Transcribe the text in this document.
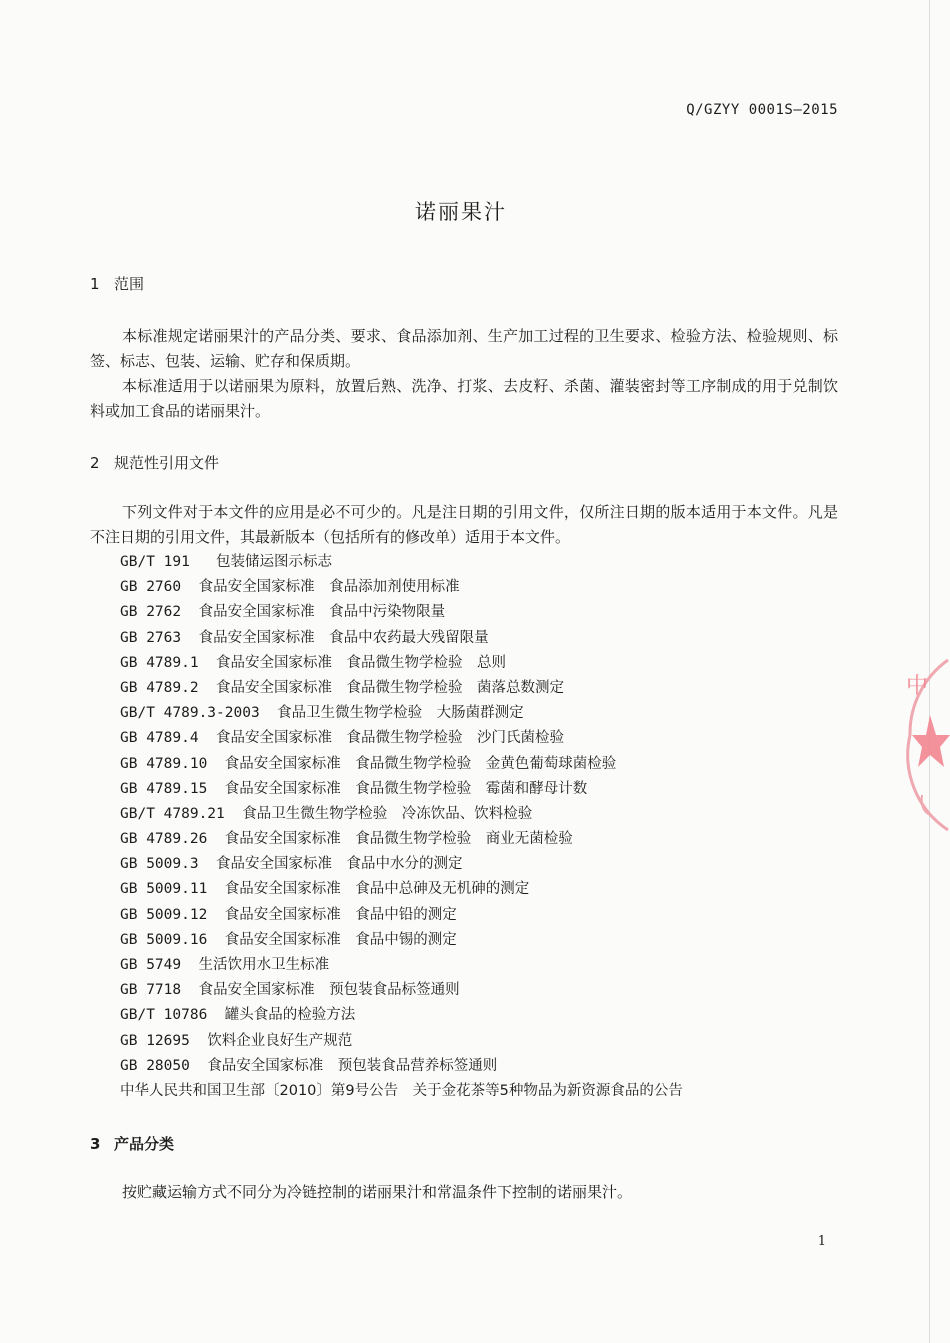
Q/GZYY 0001S—2015
诺丽果汁
1 范围
本标准规定诺丽果汁的产品分类、要求、食品添加剂、生产加工过程的卫生要求、检验方法、检验规则、标签、标志、包装、运输、贮存和保质期。
本标准适用于以诺丽果为原料，放置后熟、洗净、打浆、去皮籽、杀菌、灌装密封等工序制成的用于兑制饮料或加工食品的诺丽果汁。
2 规范性引用文件
下列文件对于本文件的应用是必不可少的。凡是注日期的引用文件，仅所注日期的版本适用于本文件。凡是不注日期的引用文件，其最新版本（包括所有的修改单）适用于本文件。
GB/T 191 包装储运图示标志
GB 2760 食品安全国家标准　食品添加剂使用标准
GB 2762 食品安全国家标准　食品中污染物限量
GB 2763 食品安全国家标准　食品中农药最大残留限量
GB 4789.1 食品安全国家标准　食品微生物学检验　总则
GB 4789.2 食品安全国家标准　食品微生物学检验　菌落总数测定
GB/T 4789.3-2003 食品卫生微生物学检验　大肠菌群测定
GB 4789.4 食品安全国家标准　食品微生物学检验　沙门氏菌检验
GB 4789.10 食品安全国家标准　食品微生物学检验　金黄色葡萄球菌检验
GB 4789.15 食品安全国家标准　食品微生物学检验　霉菌和酵母计数
GB/T 4789.21 食品卫生微生物学检验　冷冻饮品、饮料检验
GB 4789.26 食品安全国家标准　食品微生物学检验　商业无菌检验
GB 5009.3 食品安全国家标准　食品中水分的测定
GB 5009.11 食品安全国家标准　食品中总砷及无机砷的测定
GB 5009.12 食品安全国家标准　食品中铅的测定
GB 5009.16 食品安全国家标准　食品中锡的测定
GB 5749 生活饮用水卫生标准
GB 7718 食品安全国家标准　预包装食品标签通则
GB/T 10786 罐头食品的检验方法
GB 12695 饮料企业良好生产规范
GB 28050 食品安全国家标准　预包装食品营养标签通则
中华人民共和国卫生部〔2010〕第9号公告　关于金花茶等5种物品为新资源食品的公告
3 产品分类
按贮藏运输方式不同分为冷链控制的诺丽果汁和常温条件下控制的诺丽果汁。
1
中
